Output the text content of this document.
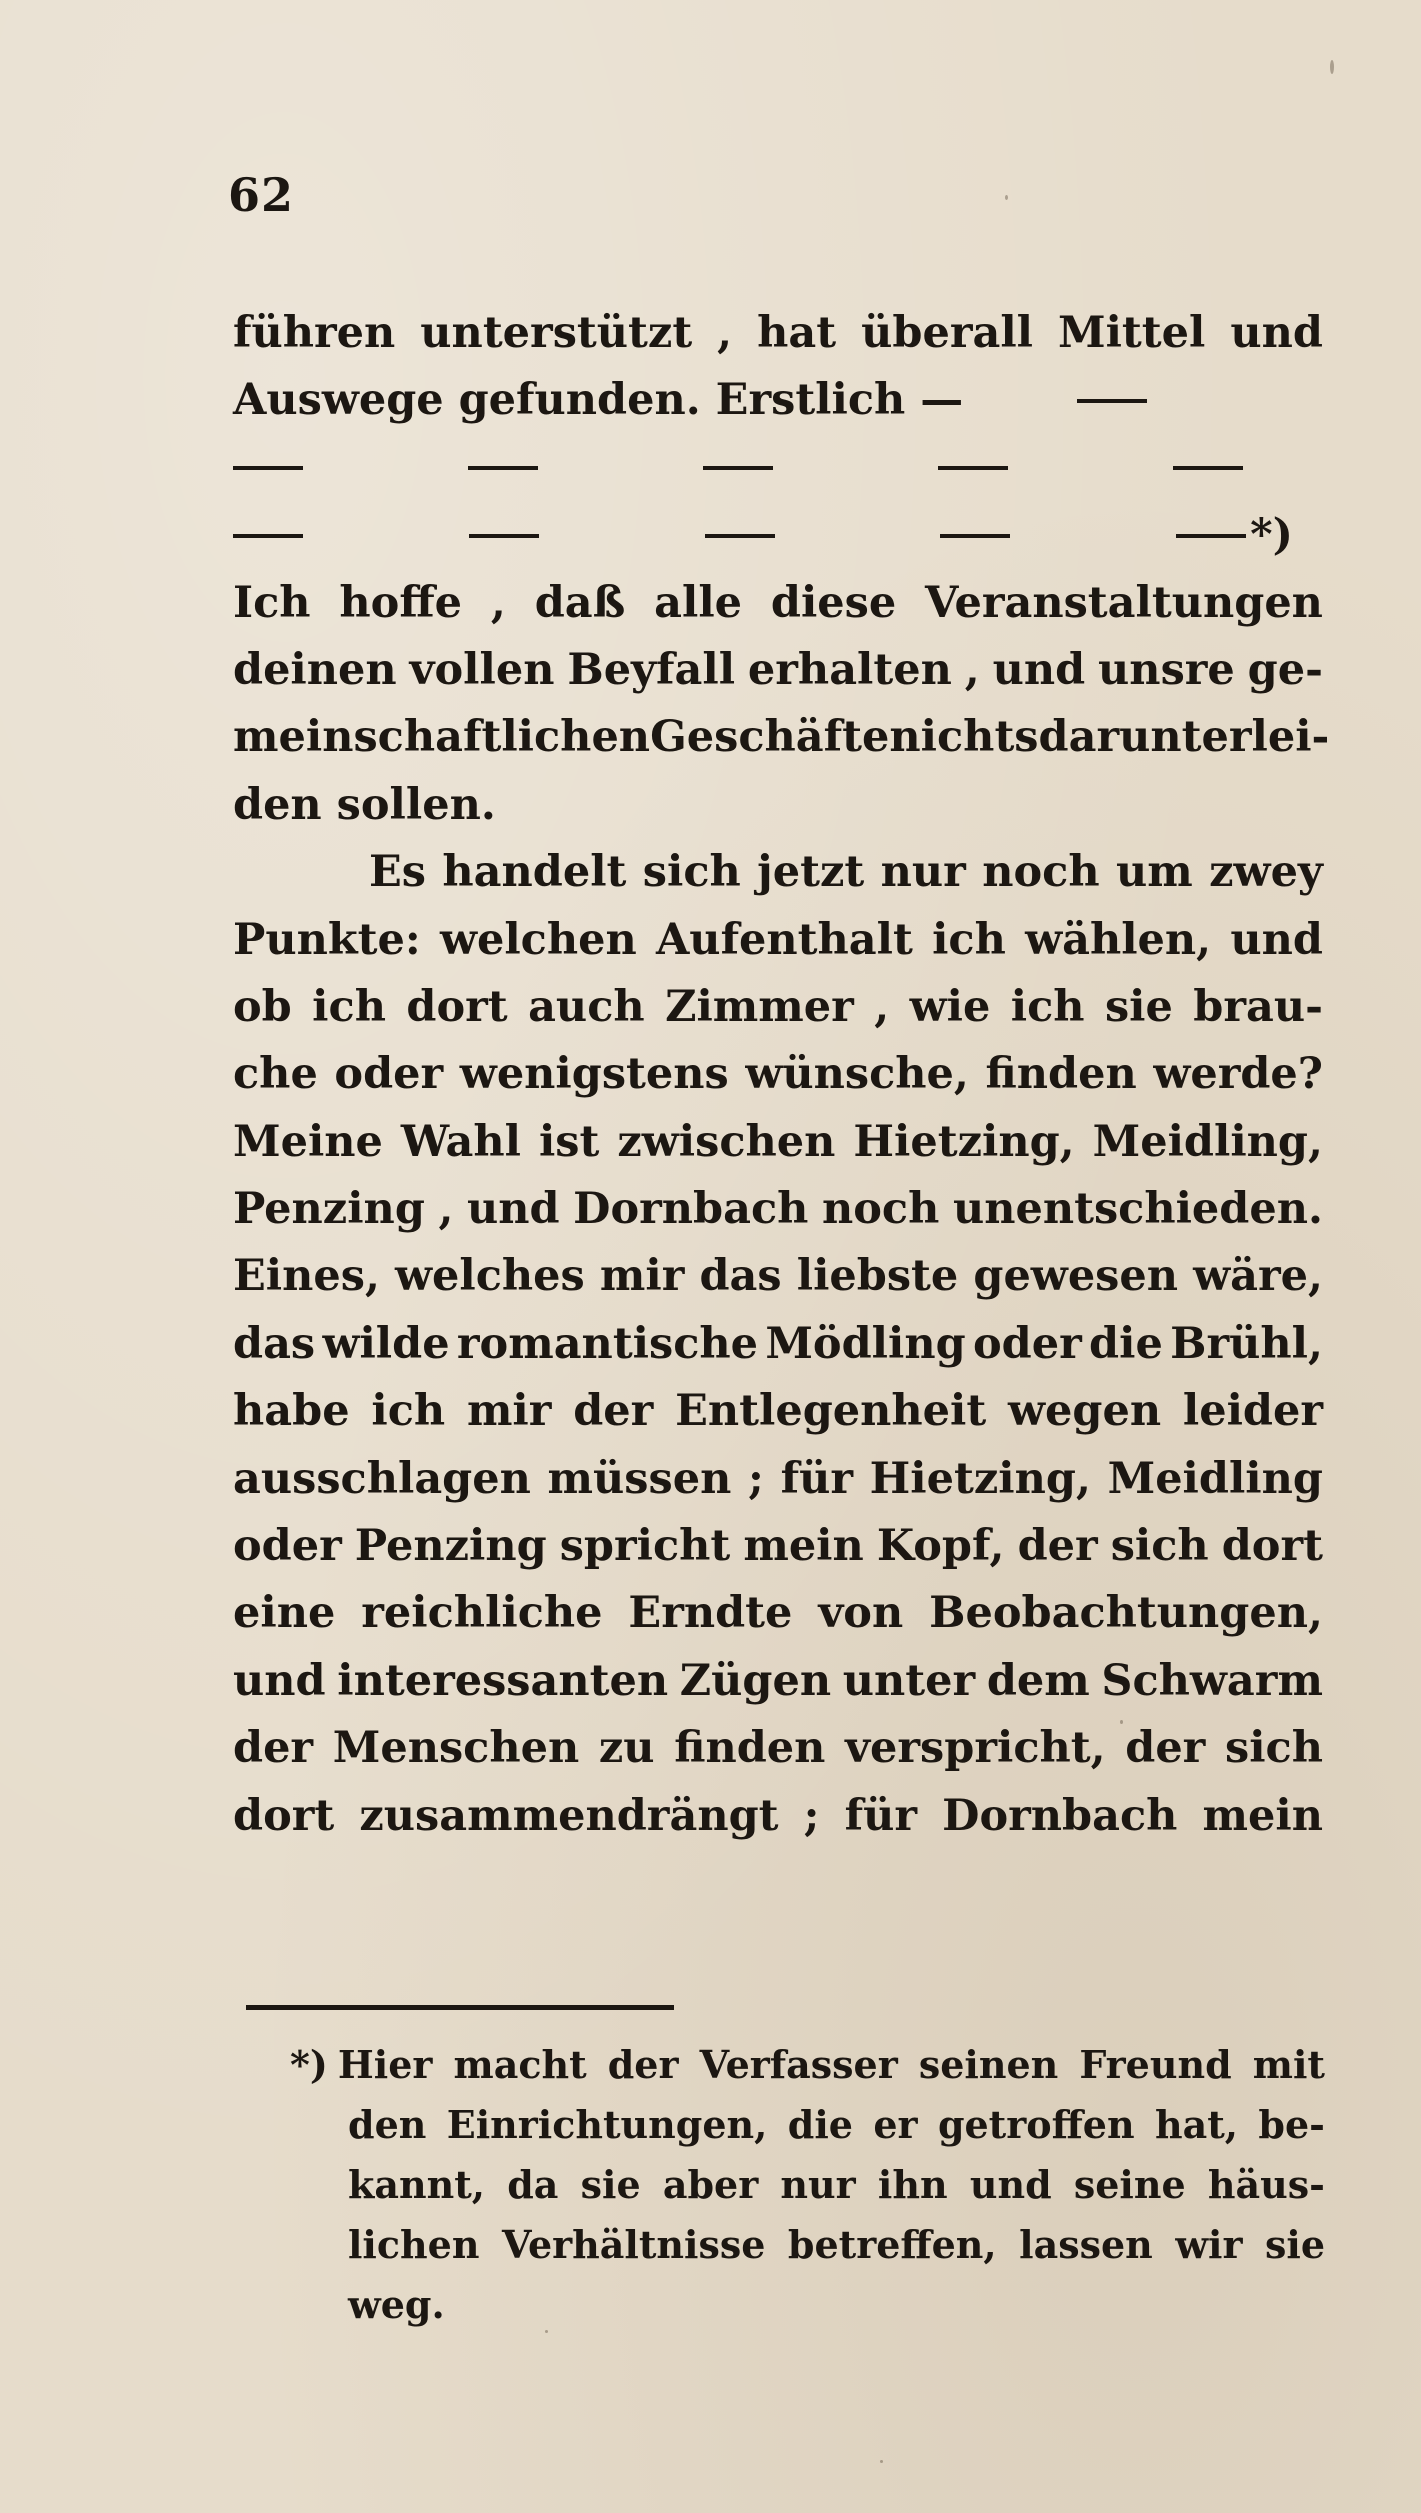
62
führen unterstützt , hat überall Mittel und
Auswege gefunden. Erstlich —
*)
Ich hoffe , daß alle diese Veranstaltungen
deinen vollen Beyfall erhalten , und unsre ge-
meinschaftlichen Geschäfte nichts darunter lei-
den sollen.
Es handelt sich jetzt nur noch um zwey
Punkte: welchen Aufenthalt ich wählen, und
ob ich dort auch Zimmer , wie ich sie brau-
che oder wenigstens wünsche, finden werde?
Meine Wahl ist zwischen Hietzing, Meidling,
Penzing , und Dornbach noch unentschieden.
Eines, welches mir das liebste gewesen wäre,
das wilde romantische Mödling oder die Brühl,
habe ich mir der Entlegenheit wegen leider
ausschlagen müssen ; für Hietzing, Meidling
oder Penzing spricht mein Kopf, der sich dort
eine reichliche Erndte von Beobachtungen,
und interessanten Zügen unter dem Schwarm
der Menschen zu finden verspricht, der sich
dort zusammendrängt ; für Dornbach mein
*) Hier macht der Verfasser seinen Freund mit
den Einrichtungen, die er getroffen hat, be-
kannt, da sie aber nur ihn und seine häus-
lichen Verhältnisse betreffen, lassen wir sie
weg.
